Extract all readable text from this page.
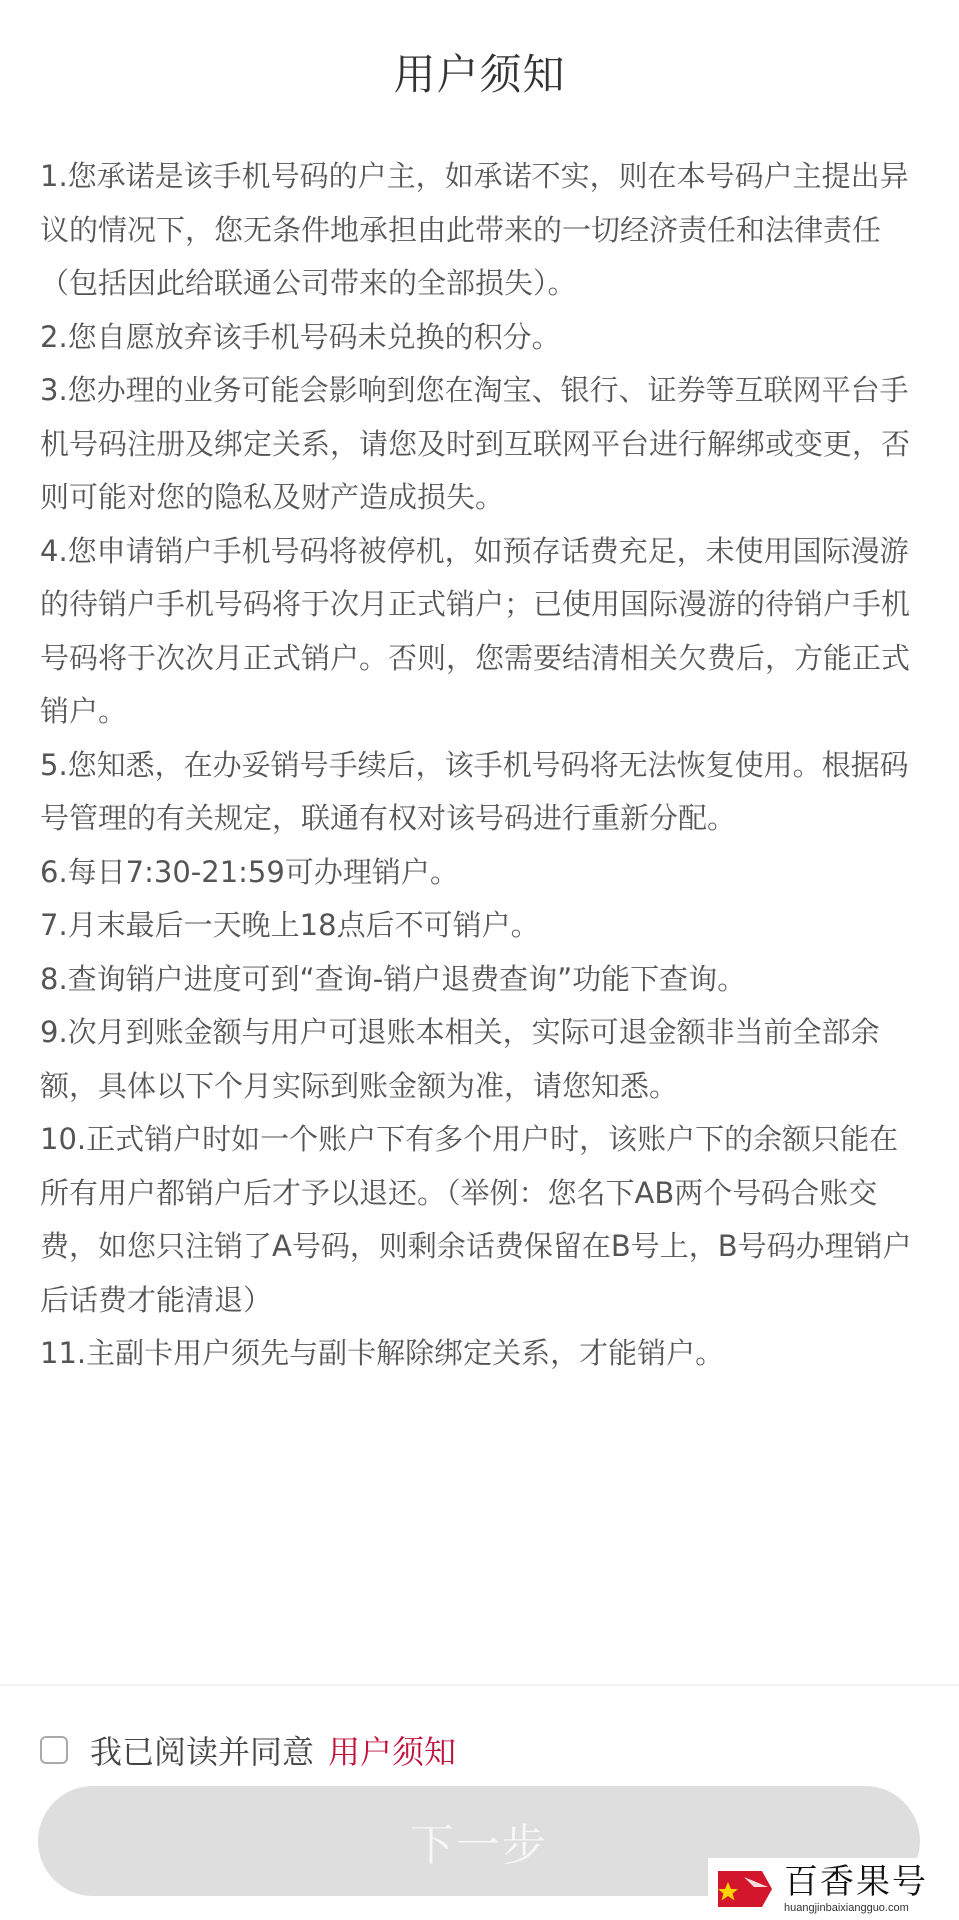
用户须知
1.您承诺是该手机号码的户主，如承诺不实，则在本号码户主提出异议的情况下，您无条件地承担由此带来的一切经济责任和法律责任（包括因此给联通公司带来的全部损失）。
2.您自愿放弃该手机号码未兑换的积分。
3.您办理的业务可能会影响到您在淘宝、银行、证券等互联网平台手机号码注册及绑定关系，请您及时到互联网平台进行解绑或变更，否则可能对您的隐私及财产造成损失。
4.您申请销户手机号码将被停机，如预存话费充足，未使用国际漫游的待销户手机号码将于次月正式销户；已使用国际漫游的待销户手机号码将于次次月正式销户。否则，您需要结清相关欠费后，方能正式销户。
5.您知悉，在办妥销号手续后，该手机号码将无法恢复使用。根据码号管理的有关规定，联通有权对该号码进行重新分配。
6.每日7:30-21:59可办理销户。
7.月末最后一天晚上18点后不可销户。
8.查询销户进度可到“查询-销户退费查询”功能下查询。
9.次月到账金额与用户可退账本相关，实际可退金额非当前全部余额，具体以下个月实际到账金额为准，请您知悉。
10.正式销户时如一个账户下有多个用户时，该账户下的余额只能在所有用户都销户后才予以退还。（举例：您名下AB两个号码合账交费，如您只注销了A号码，则剩余话费保留在B号上，B号码办理销户后话费才能清退）
11.主副卡用户须先与副卡解除绑定关系，才能销户。
我已阅读并同意 用户须知
下一步
百香果号
huangjinbaixiangguo.com
